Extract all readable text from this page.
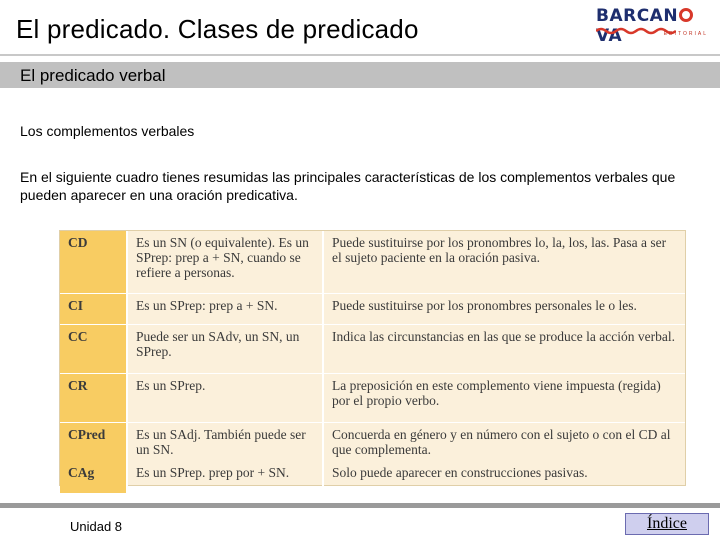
El predicado. Clases de predicado	BARCANVA	EDITORIAL
El predicado verbal
Los complementos verbales
En el siguiente cuadro tienes resumidas las principales características de los complementos verbales que pueden aparecer en una oración predicativa.
CD	Es un SN (o equivalente). Es un SPrep: prep a + SN, cuando se refiere a personas.	Puede sustituirse por los pronombres lo, la, los, las. Pasa a ser el sujeto paciente en la oración pasiva.
CI	Es un SPrep: prep a + SN.	Puede sustituirse por los pronombres personales le o les.
CC	Puede ser un SAdv, un SN, un SPrep.	Indica las circunstancias en las que se produce la acción verbal.
CR	Es un SPrep.	La preposición en este complemento viene impuesta (regida) por el propio verbo.
CPred	Es un SAdj. También puede ser un SN.	Concuerda en género y en número con el sujeto o con el CD al que complementa.
CAg	Es un SPrep. prep por + SN.	Solo puede aparecer en construcciones pasivas.
Unidad 8	Índice
